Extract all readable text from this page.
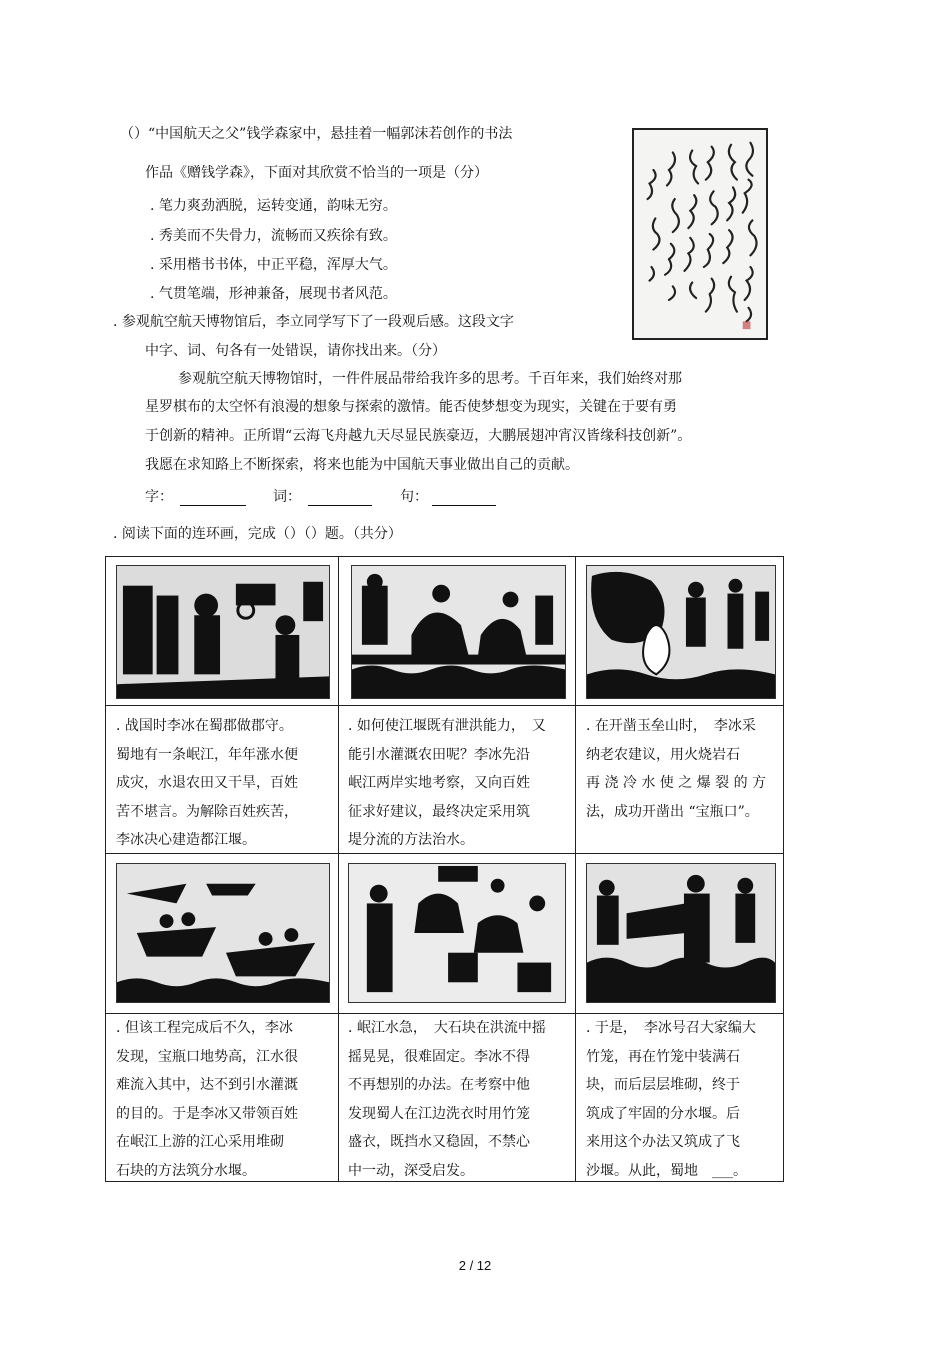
（）“中国航天之父”钱学森家中，悬挂着一幅郭沫若创作的书法
作品《赠钱学森》，下面对其欣赏不恰当的一项是（分）
. 笔力爽劲洒脱，运转变通，韵味无穷。
. 秀美而不失骨力，流畅而又疾徐有致。
. 采用楷书书体，中正平稳，浑厚大气。
. 气贯笔端，形神兼备，展现书者风范。
. 参观航空航天博物馆后，李立同学写下了一段观后感。这段文字
中字、词、句各有一处错误，请你找出来。（分）
参观航空航天博物馆时，一件件展品带给我许多的思考。千百年来，我们始终对那
星罗棋布的太空怀有浪漫的想象与探索的激情。能否使梦想变为现实，关键在于要有勇
于创新的精神。正所谓“云海飞舟越九天尽显民族豪迈，大鹏展翅冲宵汉皆缘科技创新”。
我愿在求知路上不断探索，将来也能为中国航天事业做出自己的贡献。
字：	词：	句：
. 阅读下面的连环画，完成（）（）题。（共分）
. 战国时李冰在蜀郡做郡守。
蜀地有一条岷江，年年涨水便
成灾，水退农田又干旱，百姓
苦不堪言。为解除百姓疾苦，
李冰决心建造都江堰。
. 如何使江堰既有泄洪能力，　又
能引水灌溉农田呢？李冰先沿
岷江两岸实地考察，又向百姓
征求好建议，最终决定采用筑
堤分流的方法治水。
. 在开凿玉垒山时，　李冰采
纳老农建议，用火烧岩石
再 浇 冷 水 使 之 爆 裂 的 方
法，成功开凿出 “宝瓶口”。
. 但该工程完成后不久，李冰
发现，宝瓶口地势高，江水很
难流入其中，达不到引水灌溉
的目的。于是李冰又带领百姓
在岷江上游的江心采用堆砌
石块的方法筑分水堰。
. 岷江水急，　大石块在洪流中摇
摇晃晃，很难固定。李冰不得
不再想别的办法。在考察中他
发现蜀人在江边洗衣时用竹笼
盛衣，既挡水又稳固，不禁心
中一动，深受启发。
. 于是，　李冰号召大家编大
竹笼，再在竹笼中装满石
块，而后层层堆砌，终于
筑成了牢固的分水堰。后
来用这个办法又筑成了飞
沙堰。从此，蜀地　___。
2 / 12
